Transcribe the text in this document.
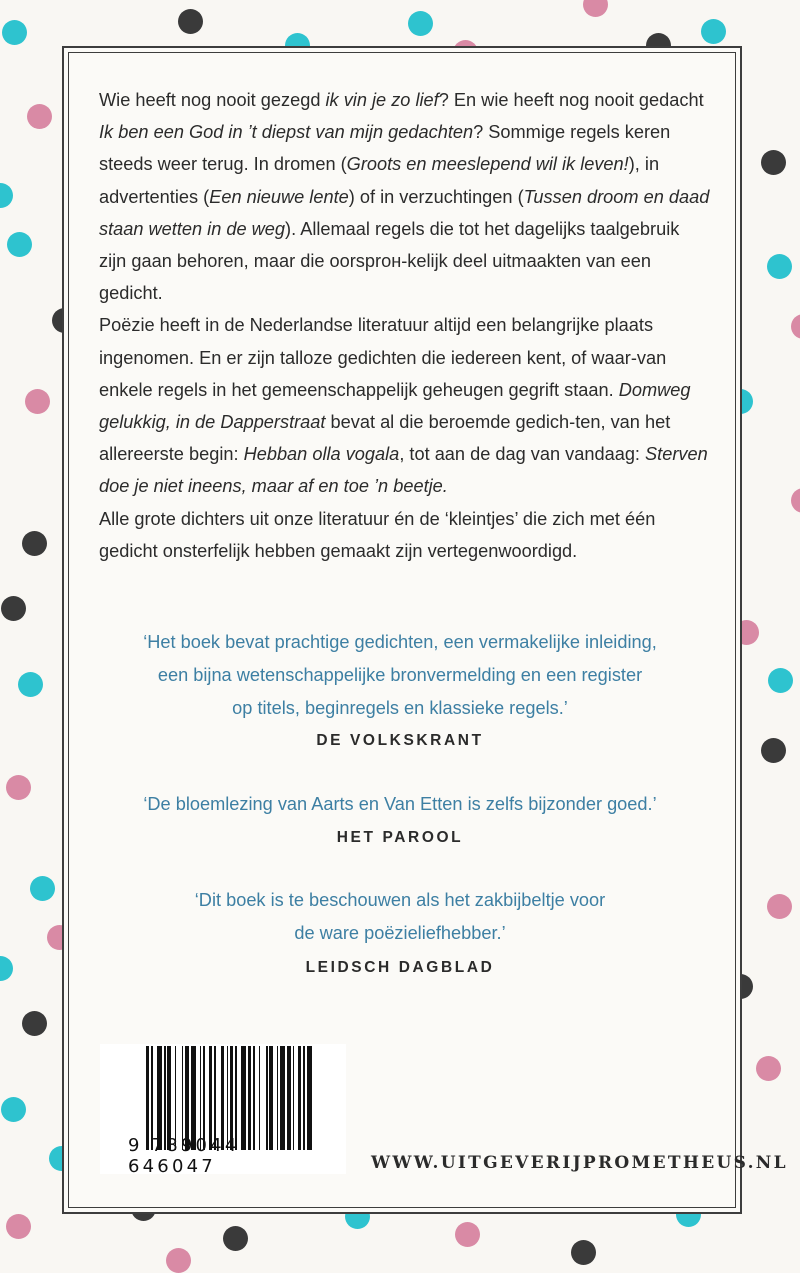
Wie heeft nog nooit gezegd ik vin je zo lief? En wie heeft nog nooit gedacht Ik ben een God in ’t diepst van mijn gedachten? Sommige regels keren steeds weer terug. In dromen (Groots en meeslepend wil ik leven!), in advertenties (Een nieuwe lente) of in verzuchtingen (Tussen droom en daad staan wetten in de weg). Allemaal regels die tot het dagelijks taalgebruik zijn gaan behoren, maar die oorsprон-kelijk deel uitmaakten van een gedicht.

Poëzie heeft in de Nederlandse literatuur altijd een belangrijke plaats ingenomen. En er zijn talloze gedichten die iedereen kent, of waar-van enkele regels in het gemeenschappelijk geheugen gegrift staan. Domweg gelukkig, in de Dapperstraat bevat al die beroemde gedich-ten, van het allereerste begin: Hebban olla vogala, tot aan de dag van vandaag: Sterven doe je niet ineens, maar af en toe ’n beetje.

Alle grote dichters uit onze literatuur én de ‘kleintjes’ die zich met één gedicht onsterfelijk hebben gemaakt zijn vertegenwoordigd.

‘Het boek bevat prachtige gedichten, een vermakelijke inleiding,
een bijna wetenschappelijke bronvermelding en een register
op titels, beginregels en klassieke regels.’
DE VOLKSKRANT
‘De bloemlezing van Aarts en Van Etten is zelfs bijzonder goed.’
HET PAROOL
‘Dit boek is te beschouwen als het zakbijbeltje voor
de ware poëzieliefhebber.’
LEIDSCH DAGBLAD
9 789044 646047	WWW.UITGEVERIJPROMETHEUS.NL
